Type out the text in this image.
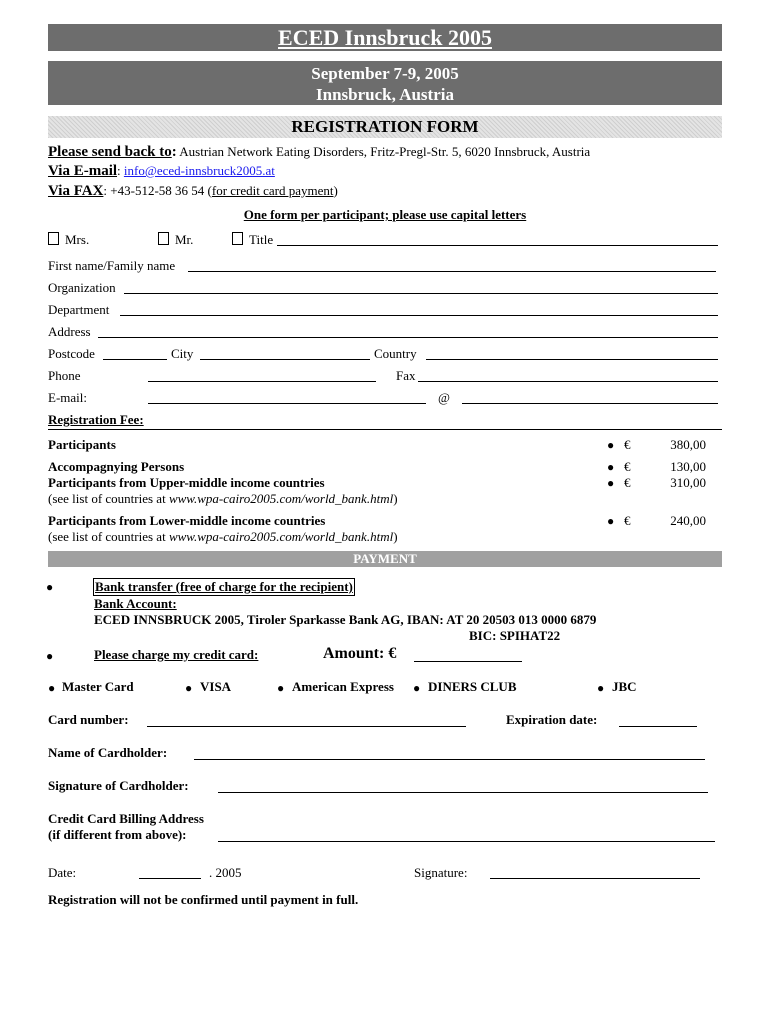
ECED Innsbruck 2005
September 7-9, 2005
Innsbruck, Austria
REGISTRATION FORM
Please send back to: Austrian Network Eating Disorders, Fritz-Pregl-Str. 5, 6020 Innsbruck, Austria
Via E-mail: info@eced-innsbruck2005.at
Via FAX: +43-512-58 36 54 (for credit card payment)
One form per participant; please use capital letters
Mrs.	Mr.	Title
First name/Family name
Organization
Department
Address
Postcode	City	Country
Phone	Fax
E-mail:	@
Registration Fee:
Participants	● €	380,00
Accompagnying Persons	● €	130,00
Participants from Upper-middle income countries	● €	310,00
(see list of countries at www.wpa-cairo2005.com/world_bank.html)
Participants from Lower-middle income countries	● €	240,00
(see list of countries at www.wpa-cairo2005.com/world_bank.html)
PAYMENT
●	Bank transfer (free of charge for the recipient)
Bank Account:
ECED INNSBRUCK 2005, Tiroler Sparkasse Bank AG, IBAN: AT 20 20503 013 0000 6879
BIC: SPIHAT22
●	Please charge my credit card:	Amount: €
● Master Card	● VISA	● American Express ● DINERS CLUB	● JBC
Card number:	Expiration date:
Name of Cardholder:
Signature of Cardholder:
Credit Card Billing Address
(if different from above):
Date:	. 2005	Signature:
Registration will not be confirmed until payment in full.
